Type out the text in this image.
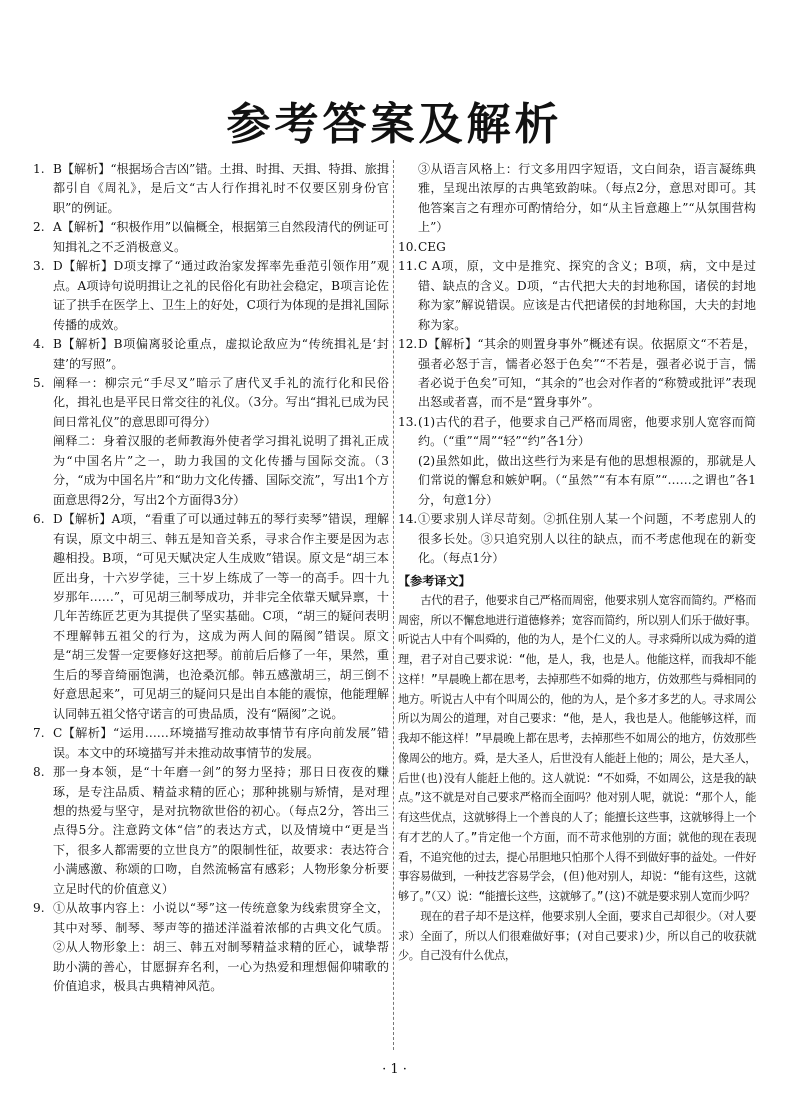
参考答案及解析
1. B【解析】“根据场合吉凶”错。土揖、时揖、天揖、特揖、旅揖都引自《周礼》，是后文“古人行作揖礼时不仅要区别身份官职”的例证。
2. A【解析】“积极作用”以偏概全，根据第三自然段清代的例证可知揖礼之不乏消极意义。
3. D【解析】D项支撑了“通过政治家发挥率先垂范引领作用”观点。A项诗句说明揖让之礼的民俗化有助社会稳定，B项言论佐证了拱手在医学上、卫生上的好处，C项行为体现的是揖礼国际传播的成效。
4. B【解析】B项偏离驳论重点，虚拟论敌应为“传统揖礼是‘封建’的写照”。
5. 阐释一：柳宗元“手尽叉”暗示了唐代叉手礼的流行化和民俗化，揖礼也是平民日常交往的礼仪。（3分。写出“揖礼已成为民间日常礼仪”的意思即可得分）
阐释二：身着汉服的老师教海外使者学习揖礼说明了揖礼正成为“中国名片”之一，助力我国的文化传播与国际交流。（3分，“成为中国名片”和“助力文化传播、国际交流”，写出1个方面意思得2分，写出2个方面得3分）
6. D【解析】A项，“看重了可以通过韩五的琴行卖琴”错误，理解有误，原文中胡三、韩五是知音关系，寻求合作主要是因为志趣相投。B项，“可见天赋决定人生成败”错误。原文是“胡三本匠出身，十六岁学徒，三十岁上练成了一等一的高手。四十九岁那年……”，可见胡三制琴成功，并非完全依靠天赋异禀，十几年苦练匠艺更为其提供了坚实基础。C项，“胡三的疑问表明不理解韩五祖父的行为，这成为两人间的隔阂”错误。原文是“胡三发誓一定要修好这把琴。前前后后修了一年，果然，重生后的琴音绮丽饱满，也沧桑沉郁。韩五感激胡三，胡三倒不好意思起来”，可见胡三的疑问只是出自本能的震惊，他能理解认同韩五祖父恪守诺言的可贵品质，没有“隔阂”之说。
7. C【解析】“运用……环境描写推动故事情节有序向前发展”错误。本文中的环境描写并未推动故事情节的发展。
8. 那一身本领，是“十年磨一剑”的努力坚持；那日日夜夜的赚琢，是专注品质、精益求精的匠心；那种挑剔与矫情，是对理想的热爱与坚守，是对抗物欲世俗的初心。（每点2分，答出三点得5分。注意跨文体“信”的表达方式，以及情境中“更是当下，很多人都需要的立世良方”的限制性征，故要求：表达符合小满感激、称颂的口吻，自然流畅富有感彩；人物形象分析要立足时代的价值意义）
9. ①从故事内容上：小说以“琴”这一传统意象为线索贯穿全文，其中对琴、制琴、琴声等的描述洋溢着浓郁的古典文化气质。②从人物形象上：胡三、韩五对制琴精益求精的匠心，诚挚帮助小满的善心，甘愿摒弃名利，一心为热爱和理想倔仰啸歌的价值追求，极具古典精神风范。
③从语言风格上：行文多用四字短语，文白间杂，语言凝练典雅，呈现出浓厚的古典笔致韵味。（每点2分，意思对即可。其他答案言之有理亦可酌情给分，如“从主旨意趣上”“从氛围营构上”）
10. CEG
11. C A项，原，文中是推究、探究的含义；B项，病，文中是过错、缺点的含义。D项，“古代把大夫的封地称国，诸侯的封地称为家”解说错误。应该是古代把诸侯的封地称国，大夫的封地称为家。
12. D【解析】“其余的则置身事外”概述有误。依据原文“不若是，强者必怒于言，懦者必怒于色矣”“不若是，强者必说于言，懦者必说于色矣”可知，“其余的”也会对作者的“称赞或批评”表现出怒或者喜，而不是“置身事外”。
13. (1)古代的君子，他要求自己严格而周密，他要求别人宽容而简约。（“重”“周”“轻”“约”各1分）
(2)虽然如此，做出这些行为来是有他的思想根源的，那就是人们常说的懈怠和嫉妒啊。（“虽然”“有本有原”“……之谓也”各1分，句意1分）
14. ①要求别人详尽苛刻。②抓住别人某一个问题，不考虑别人的很多长处。③只追究别人以往的缺点，而不考虑他现在的新变化。（每点1分）
【参考译文】
古代的君子，他要求自己严格而周密，他要求别人宽容而简约。严格而周密，所以不懈怠地进行道德修养；宽容而简约，所以别人们乐于做好事。听说古人中有个叫舜的，他的为人，是个仁义的人。寻求舜所以成为舜的道理，君子对自己要求说：“他，是人，我，也是人。他能这样，而我却不能这样！”早晨晚上都在思考，去掉那些不如舜的地方，仿效那些与舜相同的地方。听说古人中有个叫周公的，他的为人，是个多才多艺的人。寻求周公所以为周公的道理，对自己要求：“他，是人，我也是人。他能够这样，而我却不能这样！”早晨晚上都在思考，去掉那些不如周公的地方，仿效那些像周公的地方。舜，是大圣人，后世没有人能赶上他的；周公，是大圣人，后世(也)没有人能赶上他的。这人就说：“不如舜，不如周公，这是我的缺点。”这不就是对自己要求严格而全面吗？他对别人呢，就说：“那个人，能有这些优点，这就够得上一个善良的人了；能擅长这些事，这就够得上一个有才艺的人了。”肯定他一个方面，而不苛求他别的方面；就他的现在表现看，不追究他的过去，提心吊胆地只怕那个人得不到做好事的益处。一件好事容易做到，一种技艺容易学会，(但)他对别人，却说：“能有这些，这就够了。”（又）说：“能擅长这些，这就够了。”(这)不就是要求别人宽而少吗？
现在的君子却不是这样，他要求别人全面，要求自己却很少。（对人要求）全面了，所以人们很难做好事；(对自己要求)少，所以自己的收获就少。自己没有什么优点，
· 1 ·
